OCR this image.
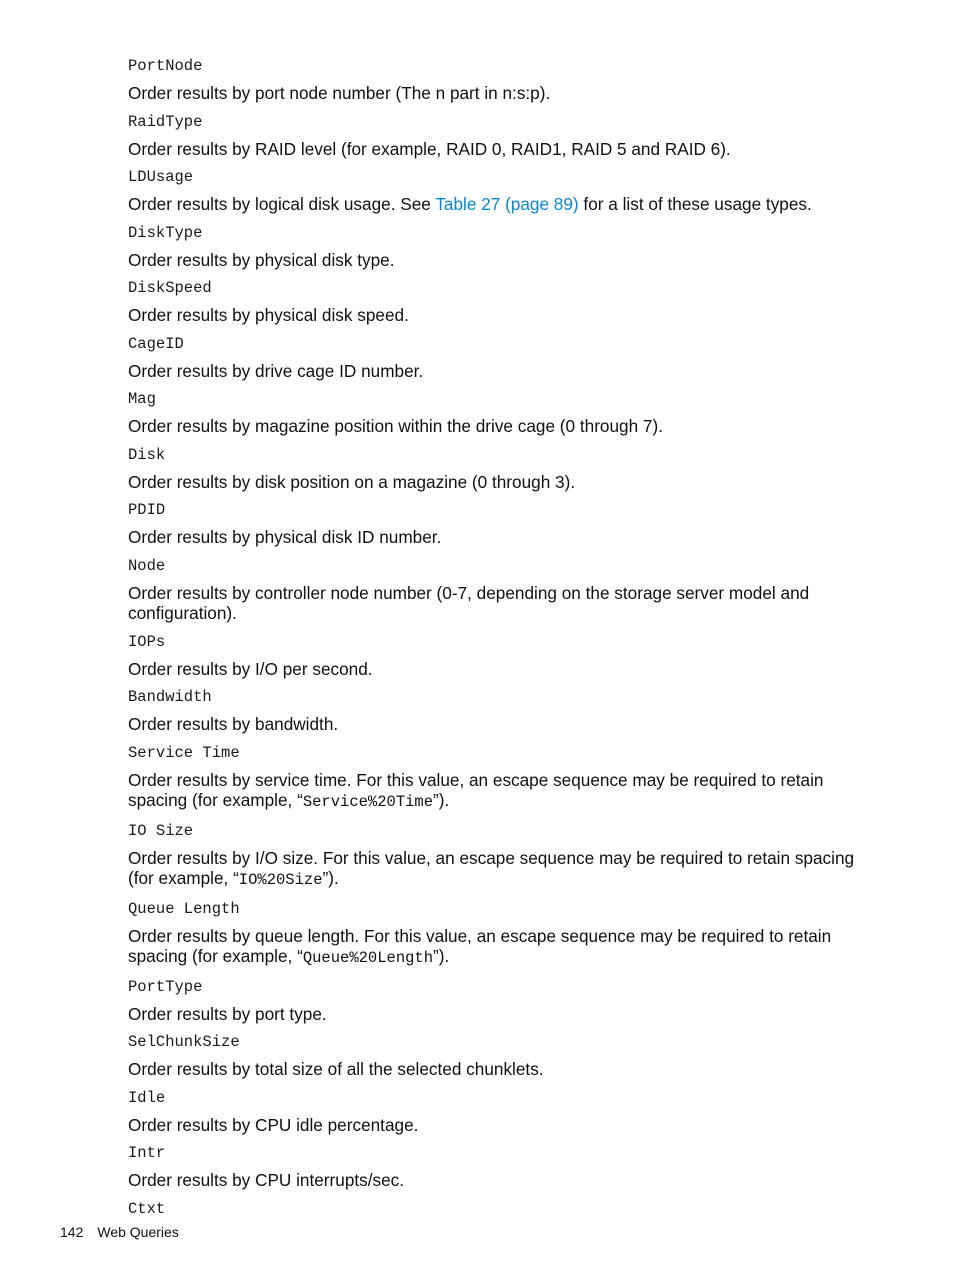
PortNode

Order results by port node number (The n part in n:s:p).

RaidType

Order results by RAID level (for example, RAID 0, RAID1, RAID 5 and RAID 6).

LDUsage

Order results by logical disk usage. See Table 27 (page 89) for a list of these usage types.

DiskType

Order results by physical disk type.

DiskSpeed

Order results by physical disk speed.

CageID

Order results by drive cage ID number.

Mag

Order results by magazine position within the drive cage (0 through 7).

Disk

Order results by disk position on a magazine (0 through 3).

PDID

Order results by physical disk ID number.

Node

Order results by controller node number (0-7, depending on the storage server model and configuration).

IOPs

Order results by I/O per second.

Bandwidth

Order results by bandwidth.

Service Time

Order results by service time. For this value, an escape sequence may be required to retain spacing (for example, “Service%20Time”).

IO Size

Order results by I/O size. For this value, an escape sequence may be required to retain spacing (for example, “IO%20Size”).

Queue Length

Order results by queue length. For this value, an escape sequence may be required to retain spacing (for example, “Queue%20Length”).

PortType

Order results by port type.

SelChunkSize

Order results by total size of all the selected chunklets.

Idle

Order results by CPU idle percentage.

Intr

Order results by CPU interrupts/sec.

Ctxt
142 Web Queries
